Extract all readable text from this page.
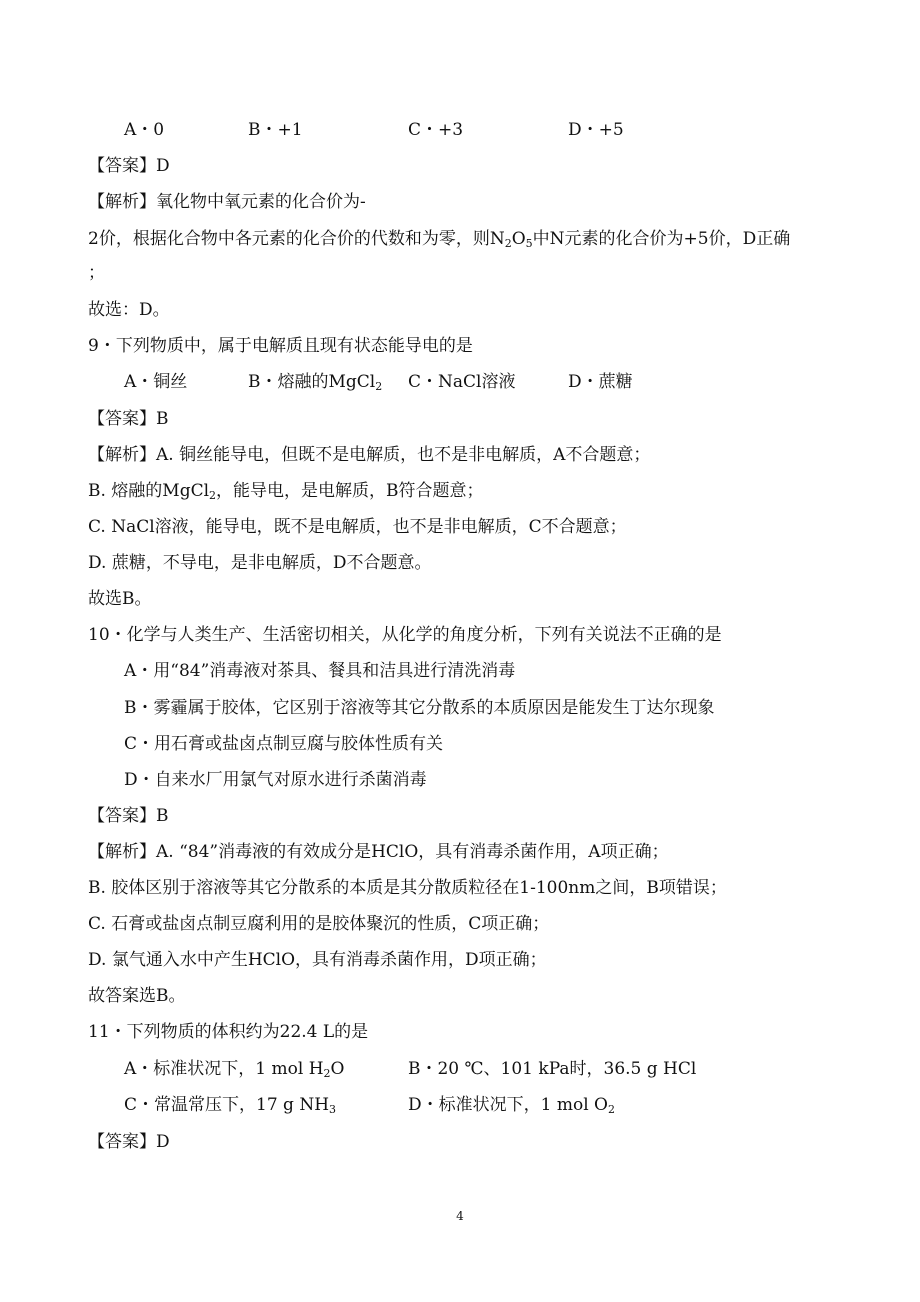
A・0	B・+1	C・+3	D・+5
【答案】D
【解析】氧化物中氧元素的化合价为-
2价，根据化合物中各元素的化合价的代数和为零，则$N_2O_5$中N元素的化合价为+5价，D正确
；
故选：D。
9・下列物质中，属于电解质且现有状态能导电的是
A・铜丝	B・熔融的MgCl$_2$ C・NaCl溶液	D・蔗糖
【答案】B
【解析】A. 铜丝能导电，但既不是电解质，也不是非电解质，A不合题意；
B. 熔融的MgCl$_2$，能导电，是电解质，B符合题意；
C. NaCl溶液，能导电，既不是电解质，也不是非电解质，C不合题意；
D. 蔗糖，不导电，是非电解质，D不合题意。
故选B。
10・化学与人类生产、生活密切相关，从化学的角度分析，下列有关说法不正确的是
A・用“84”消毒液对茶具、餐具和洁具进行清洗消毒
B・雾霾属于胶体，它区别于溶液等其它分散系的本质原因是能发生丁达尔现象
C・用石膏或盐卤点制豆腐与胶体性质有关
D・自来水厂用氯气对原水进行杀菌消毒
【答案】B
【解析】A. “84”消毒液的有效成分是HClO，具有消毒杀菌作用，A项正确；
B. 胶体区别于溶液等其它分散系的本质是其分散质粒径在1-100nm之间，B项错误；
C. 石膏或盐卤点制豆腐利用的是胶体聚沉的性质，C项正确；
D. 氯气通入水中产生HClO，具有消毒杀菌作用，D项正确；
故答案选B。
11・下列物质的体积约为22.4 L的是
A・标准状况下，1 mol $H_2O$	B・20 ℃、101 kPa时，36.5 g HCl
C・常温常压下，17 g $NH_3$	D・标准状况下，1 mol $O_2$
【答案】D
4
